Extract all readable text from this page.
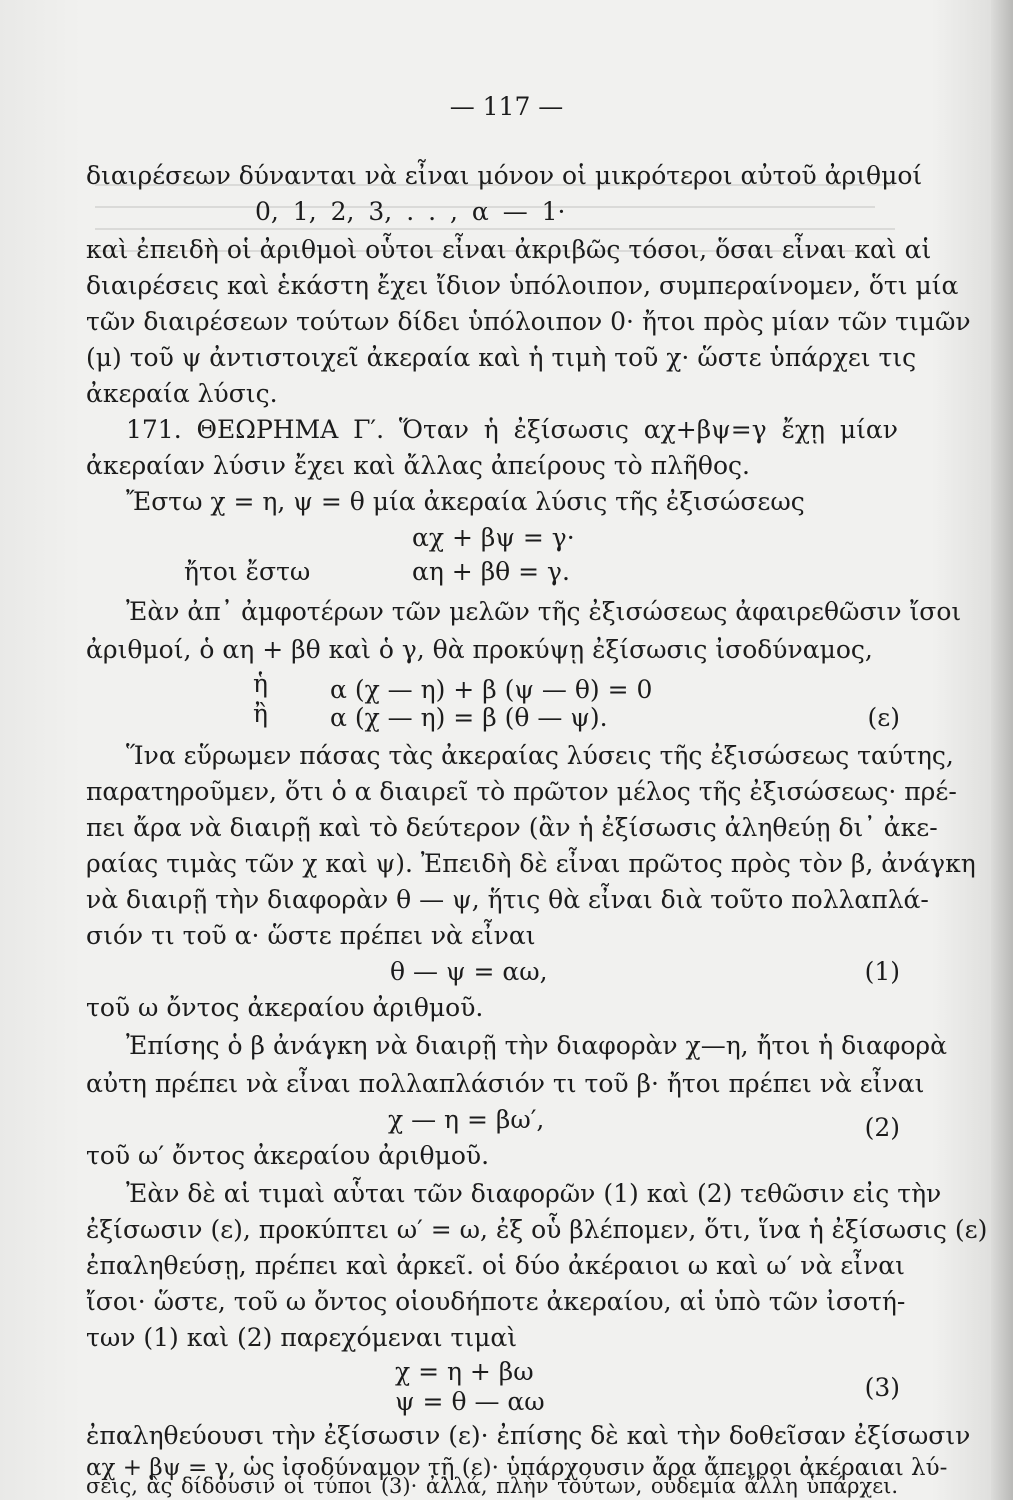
— 117 —
διαιρέσεων δύνανται νὰ εἶναι μόνον οἱ μικρότεροι αὐτοῦ ἀριθμοί
0, 1, 2, 3, . . , α — 1·
καὶ ἐπειδὴ οἱ ἀριθμοὶ οὗτοι εἶναι ἀκριβῶς τόσοι, ὅσαι εἶναι καὶ αἱ
διαιρέσεις καὶ ἑκάστη ἔχει ἴδιον ὑπόλοιπον, συμπεραίνομεν, ὅτι μία
τῶν διαιρέσεων τούτων δίδει ὑπόλοιπον 0· ἤτοι πρὸς μίαν τῶν τιμῶν
(μ) τοῦ ψ ἀντιστοιχεῖ ἀκεραία καὶ ἡ τιμὴ τοῦ χ· ὥστε ὑπάρχει τις
ἀκεραία λύσις.
171. ΘΕΩΡΗΜΑ Γ′. Ὅταν ἡ ἐξίσωσις αχ+βψ=γ ἔχῃ μίαν
ἀκεραίαν λύσιν ἔχει καὶ ἄλλας ἀπείρους τὸ πλῆθος.
Ἔστω χ = η, ψ = θ μία ἀκεραία λύσις τῆς ἐξισώσεως
αχ + βψ = γ·
ἤτοι ἔστω	αη + βθ = γ.
Ἐὰν ἀπ᾽ ἀμφοτέρων τῶν μελῶν τῆς ἐξισώσεως ἀφαιρεθῶσιν ἴσοι
ἀριθμοί, ὁ αη + βθ καὶ ὁ γ, θὰ προκύψῃ ἐξίσωσις ἰσοδύναμος,
ἡ α (χ — η) + β (ψ — θ) = 0
ἢ α (χ — η) = β (θ — ψ).	(ε)
Ἵνα εὕρωμεν πάσας τὰς ἀκεραίας λύσεις τῆς ἐξισώσεως ταύτης,
παρατηροῦμεν, ὅτι ὁ α διαιρεῖ τὸ πρῶτον μέλος τῆς ἐξισώσεως· πρέ-
πει ἄρα νὰ διαιρῇ καὶ τὸ δεύτερον (ἂν ἡ ἐξίσωσις ἀληθεύῃ δι᾽ ἀκε-
ραίας τιμὰς τῶν χ καὶ ψ). Ἐπειδὴ δὲ εἶναι πρῶτος πρὸς τὸν β, ἀνάγκη
νὰ διαιρῇ τὴν διαφορὰν θ — ψ, ἥτις θὰ εἶναι διὰ τοῦτο πολλαπλά-
σιόν τι τοῦ α· ὥστε πρέπει νὰ εἶναι
θ — ψ = αω,	(1)
τοῦ ω ὄντος ἀκεραίου ἀριθμοῦ.
Ἐπίσης ὁ β ἀνάγκη νὰ διαιρῇ τὴν διαφορὰν χ—η, ἤτοι ἡ διαφορὰ
αὐτη πρέπει νὰ εἶναι πολλαπλάσιόν τι τοῦ β· ἤτοι πρέπει νὰ εἶναι
χ — η = βω′,	(2)
τοῦ ω′ ὄντος ἀκεραίου ἀριθμοῦ.
Ἐὰν δὲ αἱ τιμαὶ αὗται τῶν διαφορῶν (1) καὶ (2) τεθῶσιν εἰς τὴν
ἐξίσωσιν (ε), προκύπτει ω′ = ω, ἐξ οὗ βλέπομεν, ὅτι, ἵνα ἡ ἐξίσωσις (ε)
ἐπαληθεύσῃ, πρέπει καὶ ἀρκεῖ. οἱ δύο ἀκέραιοι ω καὶ ω′ νὰ εἶναι
ἴσοι· ὥστε, τοῦ ω ὄντος οἱουδήποτε ἀκεραίου, αἱ ὑπὸ τῶν ἰσοτή-
των (1) καὶ (2) παρεχόμεναι τιμαὶ
χ = η + βω
ψ = θ — αω	(3)
ἐπαληθεύουσι τὴν ἐξίσωσιν (ε)· ἐπίσης δὲ καὶ τὴν δοθεῖσαν ἐξίσωσιν
αχ + βψ = γ, ὡς ἰσοδύναμον τῇ (ε)· ὑπάρχουσιν ἄρα ἄπειροι ἀκέραιαι λύ-
σεις, ἃς δίδουσιν οἱ τύποι (3)· ἀλλά, πλὴν τούτων, οὐδεμία ἄλλη ὑπάρχει.
